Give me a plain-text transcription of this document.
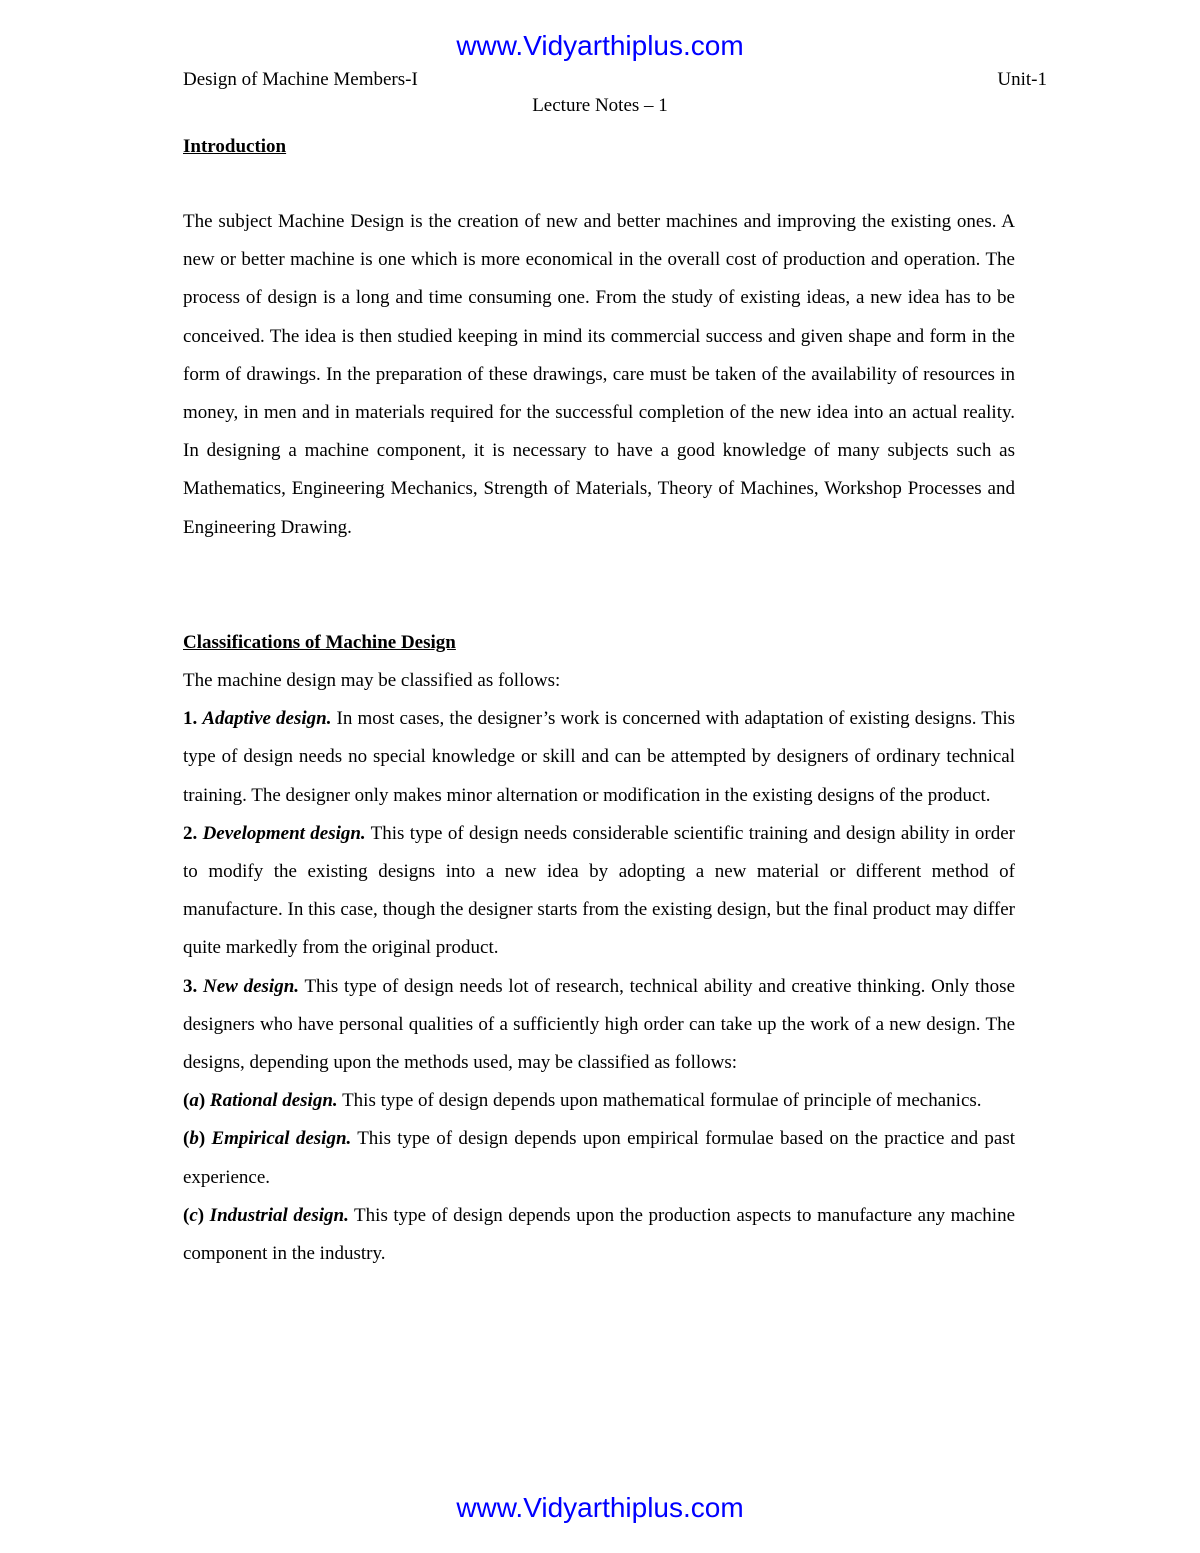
www.Vidyarthiplus.com
Design of Machine Members-I	Unit-1
Lecture Notes – 1
Introduction

The subject Machine Design is the creation of new and better machines and improving the existing ones. A new or better machine is one which is more economical in the overall cost of production and operation. The process of design is a long and time consuming one. From the study of existing ideas, a new idea has to be conceived. The idea is then studied keeping in mind its commercial success and given shape and form in the form of drawings. In the preparation of these drawings, care must be taken of the availability of resources in money, in men and in materials required for the successful completion of the new idea into an actual reality. In designing a machine component, it is necessary to have a good knowledge of many subjects such as Mathematics, Engineering Mechanics, Strength of Materials, Theory of Machines, Workshop Processes and Engineering Drawing.

Classifications of Machine Design

The machine design may be classified as follows:

1. Adaptive design. In most cases, the designer’s work is concerned with adaptation of existing designs. This type of design needs no special knowledge or skill and can be attempted by designers of ordinary technical training. The designer only makes minor alternation or modification in the existing designs of the product.

2. Development design. This type of design needs considerable scientific training and design ability in order to modify the existing designs into a new idea by adopting a new material or different method of manufacture. In this case, though the designer starts from the existing design, but the final product may differ quite markedly from the original product.

3. New design. This type of design needs lot of research, technical ability and creative thinking. Only those designers who have personal qualities of a sufficiently high order can take up the work of a new design. The designs, depending upon the methods used, may be classified as follows:

(a) Rational design. This type of design depends upon mathematical formulae of principle of mechanics.

(b) Empirical design. This type of design depends upon empirical formulae based on the practice and past experience.

(c) Industrial design. This type of design depends upon the production aspects to manufacture any machine component in the industry.

www.Vidyarthiplus.com
